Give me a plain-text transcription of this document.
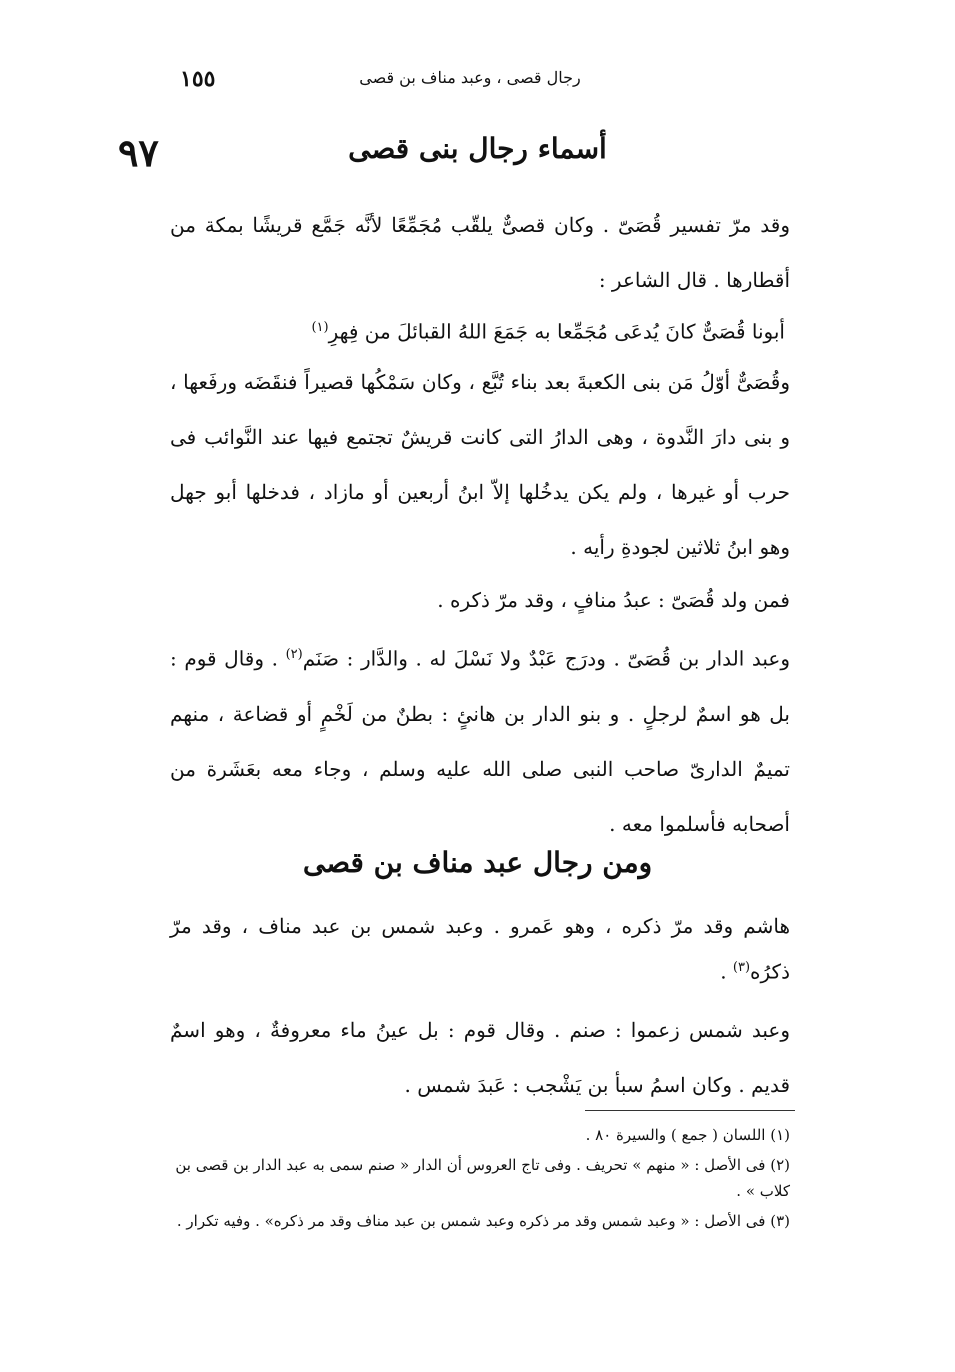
رجال قصى ، وعبد مناف بن قصى
١٥٥
٩٧	أسماء رجال بنى قصى
وقد مرّ تفسير قُصَىّ . وكان قصىٌّ يلقّب مُجَمِّعًا لأنَّه جَمَّع قريشًا بمكة من أقطارها . قال الشاعر :
أبونا قُصَىٌّ كانَ يُدعَى مُجَمِّعا به جَمَعَ اللهُ القبائلَ من فِهرِ$^{(١)}$
وقُصَىٌّ أوّلُ مَن بنى الكعبةَ بعد بناء تُبَّع ، وكان سَمْكُها قصيراً فنقَضَه ورفَعها ، و بنى دارَ النَّدوة ، وهى الدارُ التى كانت قريشٌ تجتمع فيها عند النَّوائب فى حرب أو غيرها ، ولم يكن يدخُلها إلاّ ابنُ أربعين أو مازاد ، فدخلها أبو جهل وهو ابنُ ثلاثين لجودةِ رأيه .
فمن ولد قُصَىّ : عبدُ منافٍ ، وقد مرّ ذكره .
وعبد الدار بن قُصَىّ . ودرَج عَبْدٌ ولا نَسْلَ له . والدَّار : صَنَم$^{(٢)}$ . وقال قوم : بل هو اسمٌ لرجلٍ . و بنو الدار بن هانئٍ : بطنٌ من لَخْمٍ أو قضاعة ، منهم تميمٌ الدارىّ صاحب النبى صلى الله عليه وسلم ، وجاء معه بعَشَرة من أصحابه فأسلموا معه .
ومن رجال عبد مناف بن قصى
هاشم وقد مرّ ذكره ، وهو عَمرو . وعبد شمس بن عبد مناف ، وقد مرّ ذكرُه$^{(٣)}$ .
وعبد شمس زعموا : صنم . وقال قوم : بل عينُ ماء معروفةٌ ، وهو اسمٌ قديم . وكان اسمُ سبأ بن يَشْجب : عَبدَ شمس .

(١) اللسان ( جمع ) والسيرة ٨٠ .

(٢) فى الأصل : « منهم » تحريف . وفى تاج العروس أن الدار « صنم سمى به عبد الدار بن قصى بن كلاب » .

(٣) فى الأصل : « وعبد شمس وقد مر ذكره وعبد شمس بن عبد مناف وقد مر ذكره» . وفيه تكرار .
